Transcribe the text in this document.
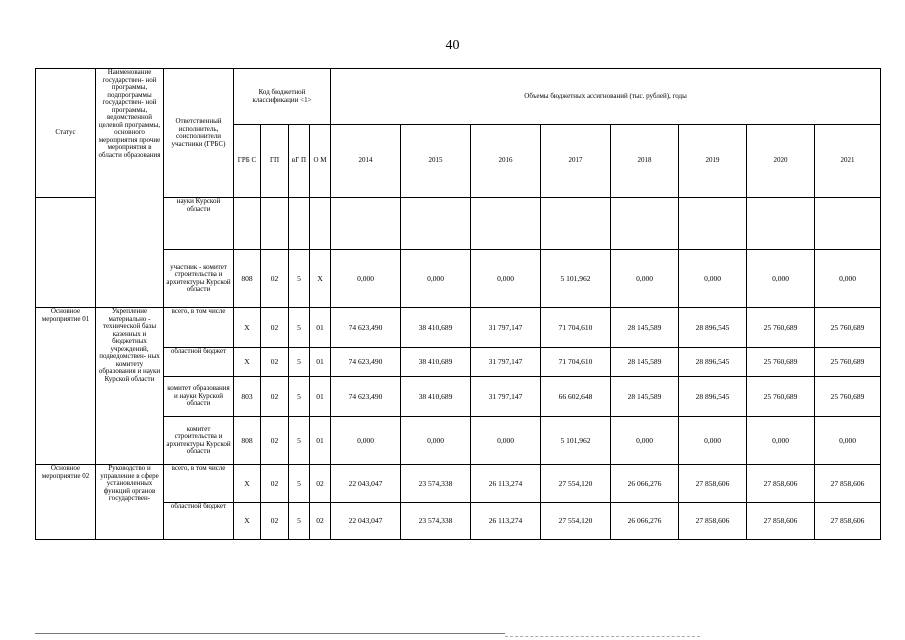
40
Статус	Наименование государствен- ной программы, подпрограммы государствен- ной программы, ведомственной целевой программы, основного мероприятия прочие мероприятия в области образования	Ответственный исполнитель, соисполнители участники (ГРБС)	Код бюджетной классификации <1>				Объемы бюджетных ассигнований (тыс. рублей), годы							
			ГРБ С	ГП	вГ П	О М	2014	2015	2016	2017	2018	2019	2020	2021
		науки Курской области												
		участник - комитет строительства и архитектуры Курской области	808	02	5	Х	0,000	0,000	0,000	5 101,962	0,000	0,000	0,000	0,000
Основное мероприятие 01	Укрепление материально - технической базы казенных и бюджетных учреждений, подведомствен- ных комитету образования и науки Курской области	всего, в том числе	Х	02	5	01	74 623,490	38 410,689	31 797,147	71 704,610	28 145,589	28 896,545	25 760,689	25 760,689
		областной бюджет	Х	02	5	01	74 623,490	38 410,689	31 797,147	71 704,610	28 145,589	28 896,545	25 760,689	25 760,689
		комитет образования и науки Курской области	803	02	5	01	74 623,490	38 410,689	31 797,147	66 602,648	28 145,589	28 896,545	25 760,689	25 760,689
		комитет строительства и архитектуры Курской области	808	02	5	01	0,000	0,000	0,000	5 101,962	0,000	0,000	0,000	0,000
Основное мероприятие 02	Руководство и управление в сфере установленных функций органов государствен-	всего, в том числе	Х	02	5	02	22 043,047	23 574,338	26 113,274	27 554,120	26 066,276	27 858,606	27 858,606	27 858,606
		областной бюджет	Х	02	5	02	22 043,047	23 574,338	26 113,274	27 554,120	26 066,276	27 858,606	27 858,606	27 858,606
